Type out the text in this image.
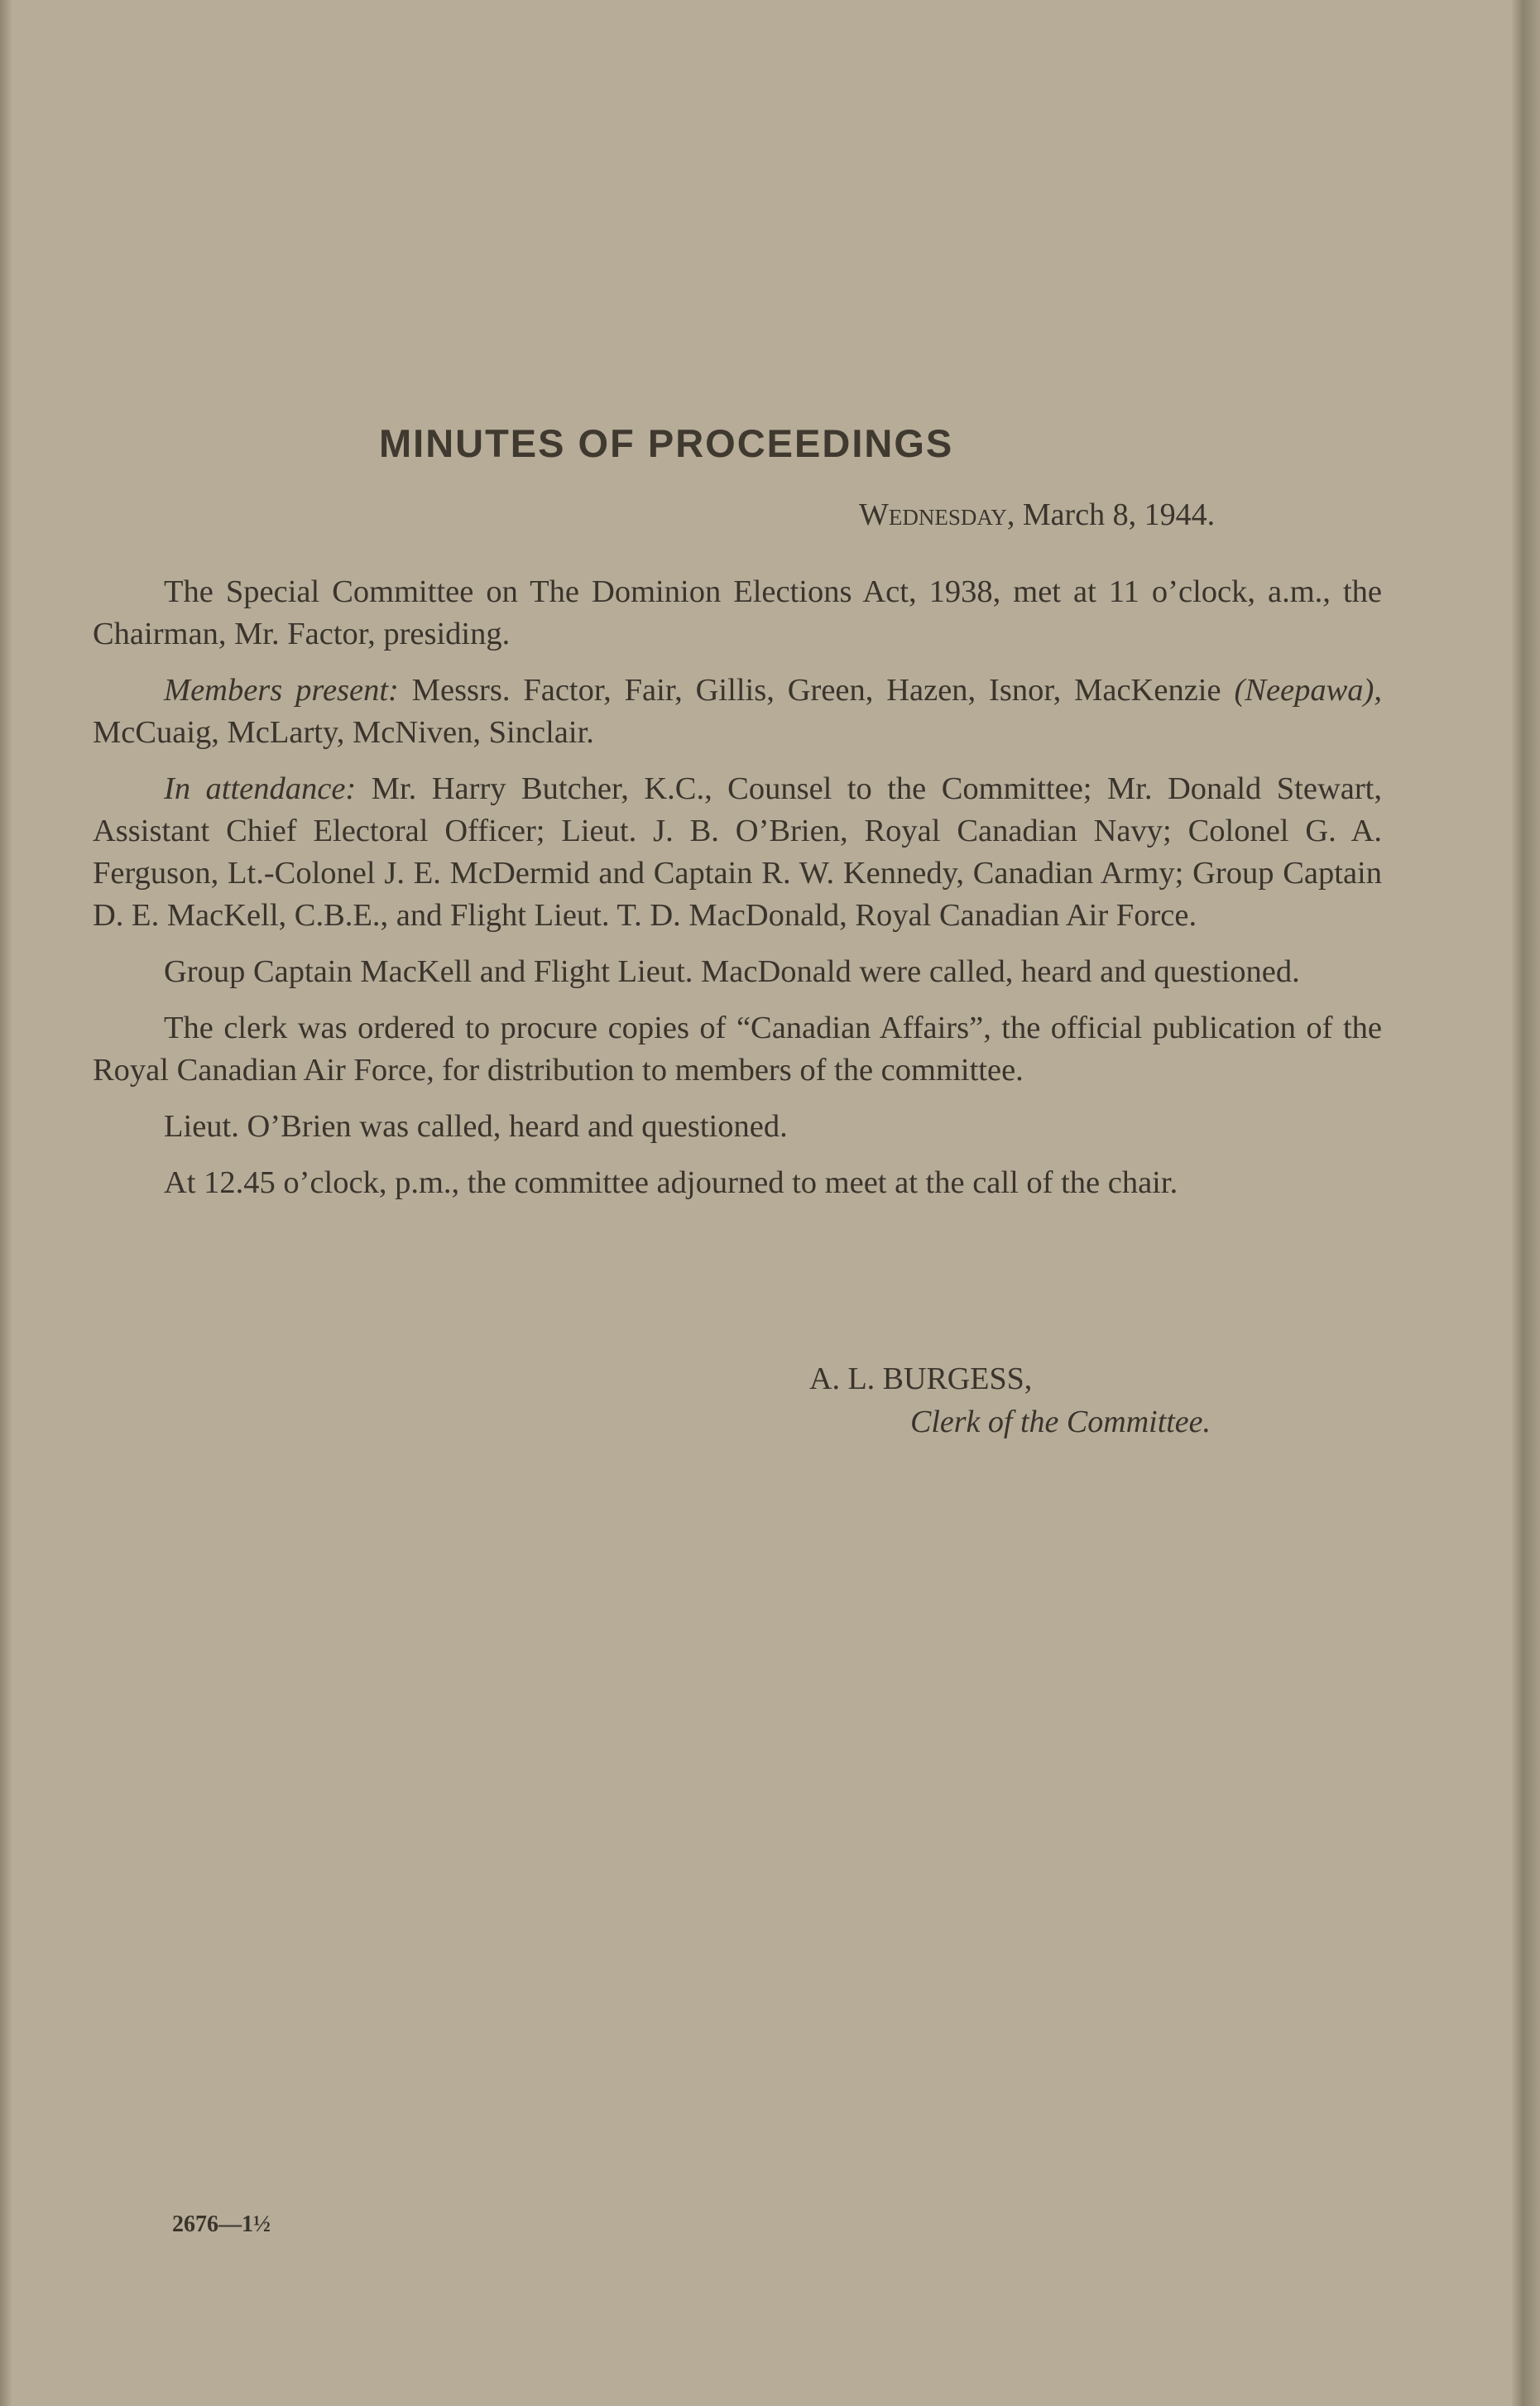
MINUTES OF PROCEEDINGS
Wednesday, March 8, 1944.

The Special Committee on The Dominion Elections Act, 1938, met at 11 o’clock, a.m., the Chairman, Mr. Factor, presiding.

Members present: Messrs. Factor, Fair, Gillis, Green, Hazen, Isnor, MacKenzie (Neepawa), McCuaig, McLarty, McNiven, Sinclair.

In attendance: Mr. Harry Butcher, K.C., Counsel to the Committee; Mr. Donald Stewart, Assistant Chief Electoral Officer; Lieut. J. B. O’Brien, Royal Canadian Navy; Colonel G. A. Ferguson, Lt.-Colonel J. E. McDermid and Captain R. W. Kennedy, Canadian Army; Group Captain D. E. MacKell, C.B.E., and Flight Lieut. T. D. MacDonald, Royal Canadian Air Force.

Group Captain MacKell and Flight Lieut. MacDonald were called, heard and questioned.

The clerk was ordered to procure copies of “Canadian Affairs”, the official publication of the Royal Canadian Air Force, for distribution to members of the committee.

Lieut. O’Brien was called, heard and questioned.

At 12.45 o’clock, p.m., the committee adjourned to meet at the call of the chair.

A. L. BURGESS,
Clerk of the Committee.
2676—1½
